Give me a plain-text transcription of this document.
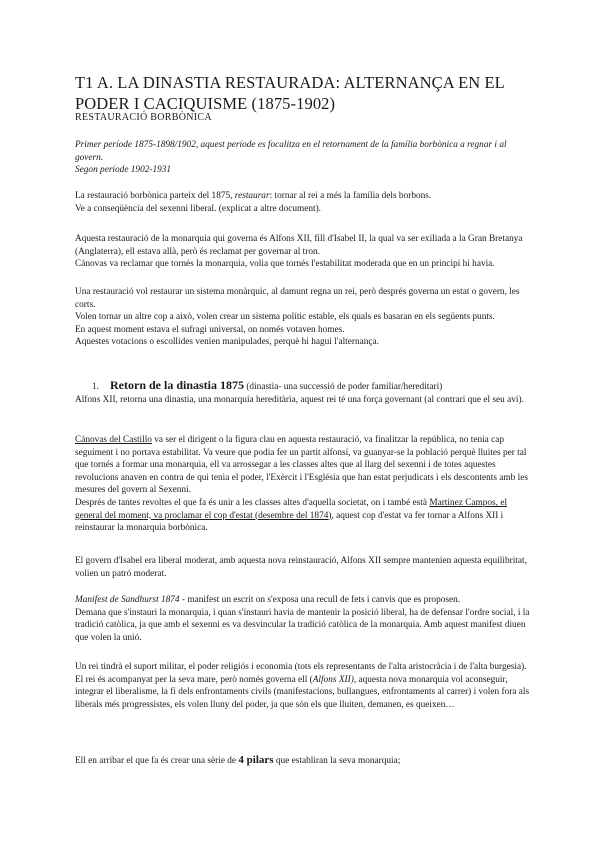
T1 A. LA DINASTIA RESTAURADA: ALTERNANÇA EN EL PODER I CACIQUISME (1875-1902)
RESTAURACIÓ BORBÒNICA

Primer període 1875-1898/1902, aquest període es focalitza en el retornament de la família borbònica a regnar i al govern.

Segon període 1902-1931

La restauració borbònica parteix del 1875, restaurar: tornar al rei a més la família dels borbons.

Ve a conseqüència del sexenni liberal. (explicat a altre document).

Aquesta restauració de la monarquia qui governa és Alfons XII, fill d'Isabel II, la qual va ser exiliada a la Gran Bretanya (Anglaterra), ell estava allà, però és reclamat per governar al tron.

Cánovas va reclamar que tornés la monarquia, volia que tornés l'estabilitat moderada que en un principi hi havia.

Una restauració vol restaurar un sistema monàrquic, al damunt regna un rei, però després governa un estat o govern, les corts.

Volen tornar un altre cop a això, volen crear un sistema polític estable, els quals es basaran en els següents punts.

En aquest moment estava el sufragi universal, on només votaven homes.

Aquestes votacions o escollides venien manipulades, perquè hi hagui l'alternança.

1. Retorn de la dinastia 1875 (dinastia- una successió de poder familiar/hereditari)
Alfons XII, retorna una dinastia, una monarquia hereditària, aquest rei té una força governant (al contrari que el seu avi).

Cánovas del Castillo va ser el dirigent o la figura clau en aquesta restauració, va finalitzar la república, no tenia cap seguiment i no portava estabilitat. Va veure que podia fer un partit alfonsí, va guanyar-se la població perquè lluites per tal que tornés a formar una monarquia, ell va arrossegar a les classes altes que al llarg del sexenni i de totes aquestes revolucions anaven en contra de qui tenia el poder, l'Exèrcit i l'Església que han estat perjudicats i els descontents amb les mesures del govern al Sexenni.

Després de tantes revoltes el que fa és unir a les classes altes d'aquella societat, on i també està Martínez Campos, el general del moment, va proclamar el cop d'estat (desembre del 1874), aquest cop d'estat va fer tornar a Alfons XII i reinstaurar la monarquia borbònica.

El govern d'Isabel era liberal moderat, amb aquesta nova reinstauració, Alfons XII sempre mantenien aquesta equilibritat, volien un patró moderat.

Manifest de Sandhurst 1874 - manifest un escrit on s'exposa una recull de fets i canvis que es proposen.

Demana que s'instauri la monarquia, i quan s'instauri havia de mantenir la posició liberal, ha de defensar l'ordre social, i la tradició catòlica, ja que amb el sexenni es va desvincular la tradició catòlica de la monarquia. Amb aquest manifest diuen que volen la unió.

Un rei tindrà el suport militar, el poder religiós i economia (tots els representants de l'alta aristocràcia i de l'alta burgesia).

El rei és acompanyat per la seva mare, però només governa ell (Alfons XII), aquesta nova monarquia vol aconseguir, integrar el liberalisme, la fi dels enfrontaments civils (manifestacions, bullangues, enfrontaments al carrer) i volen fora als liberals més progressistes, els volen lluny del poder, ja que són els que lluiten, demanen, es queixen…

Ell en arribar el que fa és crear una sèrie de 4 pilars que establiran la seva monarquia;
